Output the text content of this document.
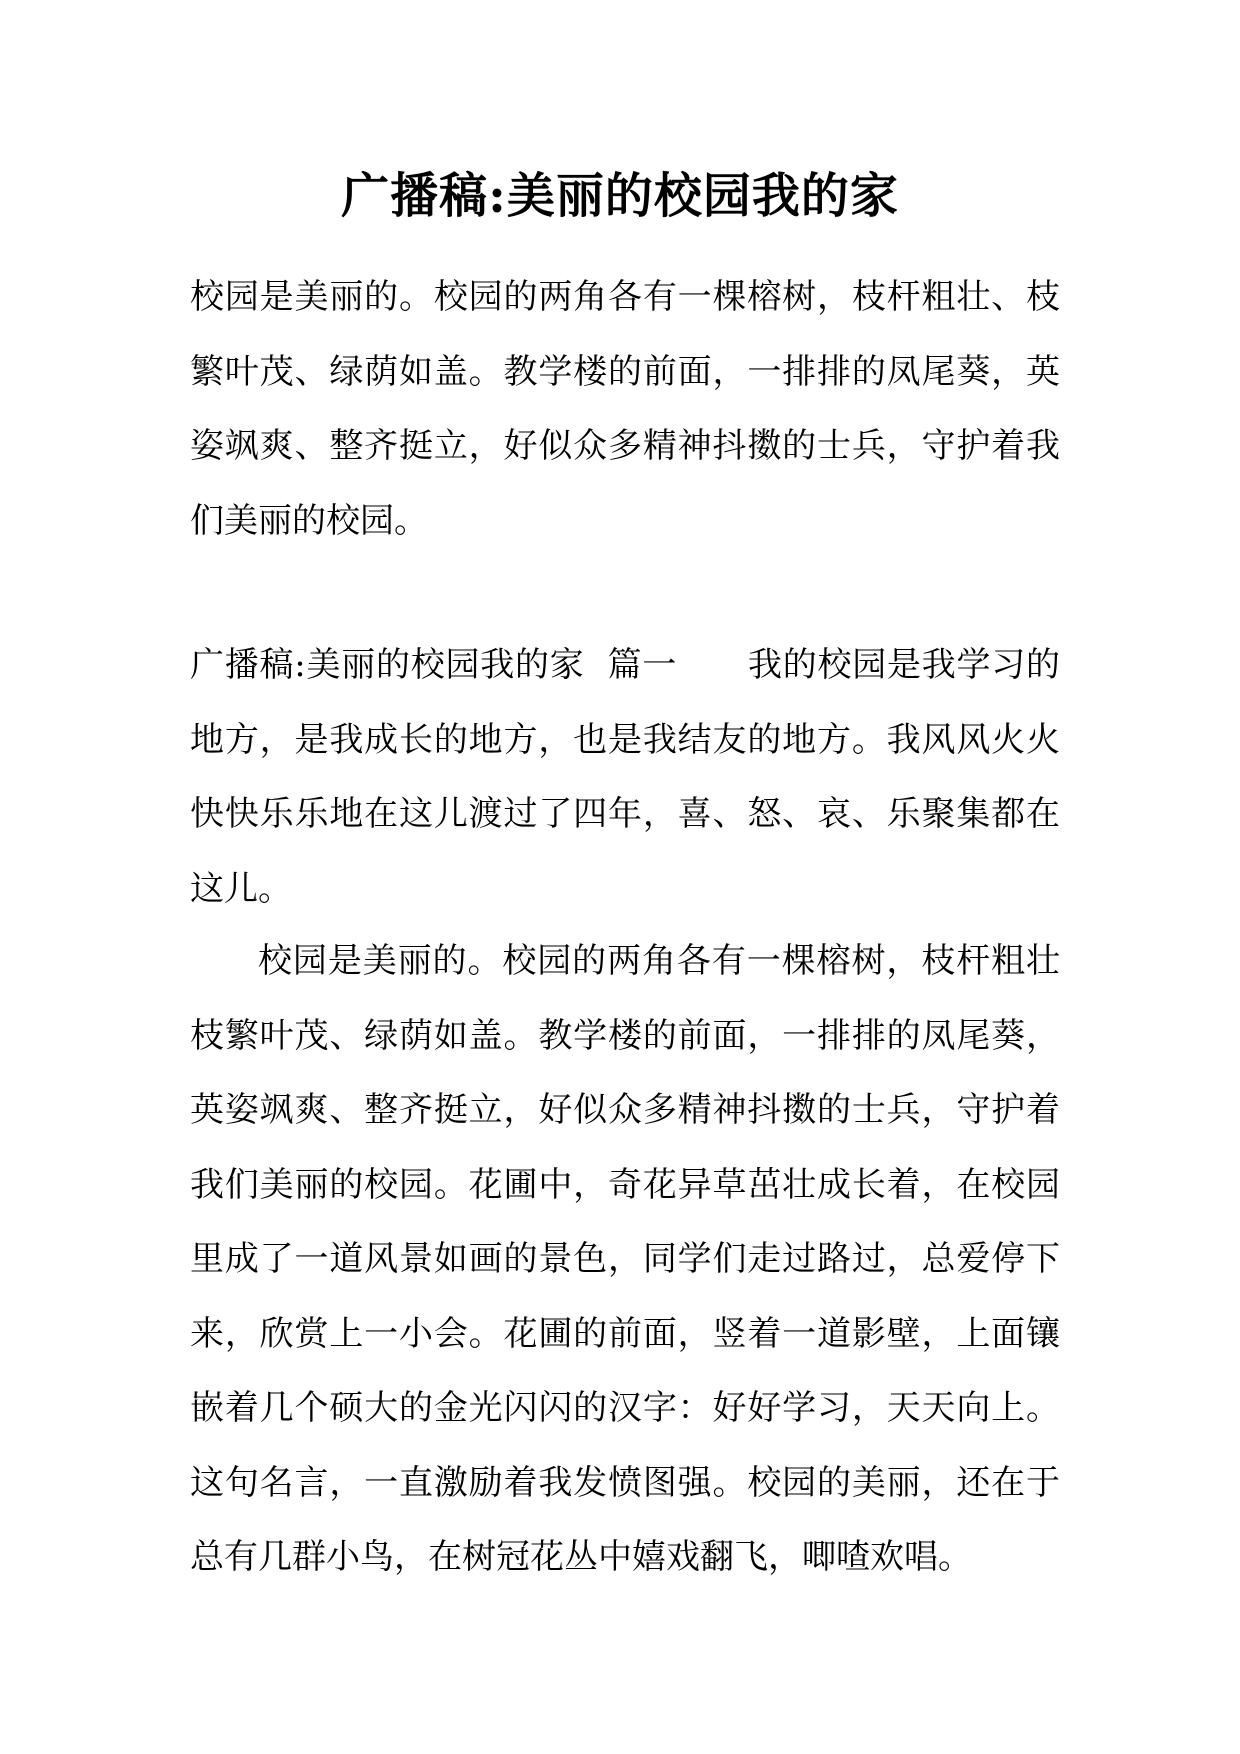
广播稿:美丽的校园我的家

校园是美丽的。校园的两角各有一棵榕树，枝杆粗壮、枝繁叶茂、绿荫如盖。教学楼的前面，一排排的凤尾葵，英姿飒爽、整齐挺立，好似众多精神抖擞的士兵，守护着我们美丽的校园。

广播稿:美丽的校园我的家  篇一 我的校园是我学习的地方，是我成长的地方，也是我结友的地方。我风风火火快快乐乐地在这儿渡过了四年，喜、怒、哀、乐聚集都在这儿。

校园是美丽的。校园的两角各有一棵榕树，枝杆粗壮枝繁叶茂、绿荫如盖。教学楼的前面，一排排的凤尾葵，英姿飒爽、整齐挺立，好似众多精神抖擞的士兵，守护着我们美丽的校园。花圃中，奇花异草茁壮成长着，在校园里成了一道风景如画的景色，同学们走过路过，总爱停下来，欣赏上一小会。花圃的前面，竖着一道影壁，上面镶嵌着几个硕大的金光闪闪的汉字：好好学习，天天向上。这句名言，一直激励着我发愤图强。校园的美丽，还在于总有几群小鸟，在树冠花丛中嬉戏翻飞，唧喳欢唱。
